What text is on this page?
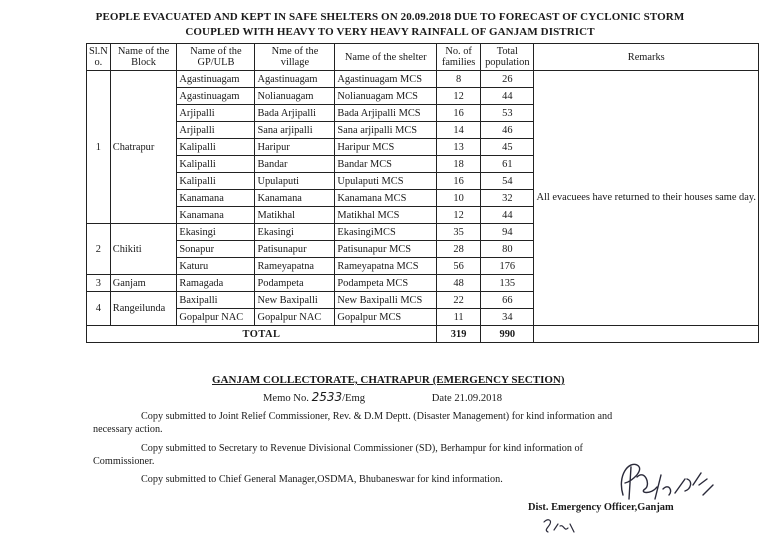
PEOPLE EVACUATED AND KEPT IN SAFE SHELTERS ON 20.09.2018 DUE TO FORECAST OF CYCLONIC STORM
COUPLED WITH HEAVY TO VERY HEAVY RAINFALL OF GANJAM DISTRICT
Sl.N o.	Name of the Block	Name of the GP/ULB	Nme of the village	Name of the shelter	No. of families	Total population	Remarks
1	Chatrapur	Agastinuagam	Agastinuagam	Agastinuagam MCS	8	26	All evacuees have returned to their houses same day.
		Agastinuagam	Nolianuagam	Nolianuagam MCS	12	44	
		Arjipalli	Bada Arjipalli	Bada Arjipalli MCS	16	53	
		Arjipalli	Sana arjipalli	Sana arjipalli MCS	14	46	
		Kalipalli	Haripur	Haripur MCS	13	45	
		Kalipalli	Bandar	Bandar MCS	18	61	
		Kalipalli	Upulaputi	Upulaputi MCS	16	54	
		Kanamana	Kanamana	Kanamana MCS	10	32	
		Kanamana	Matikhal	Matikhal MCS	12	44	
2	Chikiti	Ekasingi	Ekasingi	EkasingiMCS	35	94	
		Sonapur	Patisunapur	Patisunapur MCS	28	80	
		Katuru	Rameyapatna	Rameyapatna MCS	56	176	
3	Ganjam	Ramagada	Podampeta	Podampeta MCS	48	135	
4	Rangeilunda	Baxipalli	New Baxipalli	New Baxipalli MCS	22	66	
		Gopalpur NAC	Gopalpur NAC	Gopalpur MCS	11	34	
TOTAL					319	990	
GANJAM COLLECTORATE, CHATRAPUR (EMERGENCY SECTION)
Memo No. 2533/Emg	Date 21.09.2018
Copy submitted to Joint Relief Commissioner, Rev. & D.M Deptt. (Disaster Management) for kind information and
necessary action.
Copy submitted to Secretary to Revenue Divisional Commissioner (SD), Berhampur for kind information of
Commissioner.
Copy submitted to Chief General Manager,OSDMA, Bhubaneswar for kind information.
Dist. Emergency Officer,Ganjam
